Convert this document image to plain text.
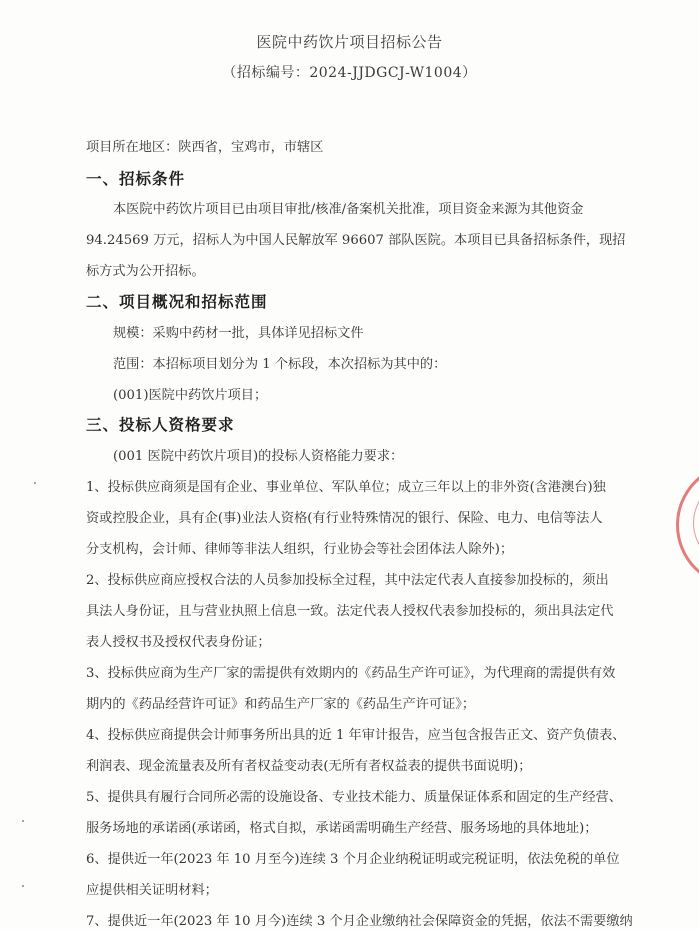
医院中药饮片项目招标公告
（招标编号：2024-JJDGCJ-W1004）
项目所在地区：陕西省，宝鸡市，市辖区
一、招标条件
本医院中药饮片项目已由项目审批/核准/备案机关批准，项目资金来源为其他资金
94.24569 万元，招标人为中国人民解放军 96607 部队医院。本项目已具备招标条件，现招
标方式为公开招标。
二、项目概况和招标范围
规模：采购中药材一批，具体详见招标文件
范围：本招标项目划分为 1 个标段，本次招标为其中的：
(001)医院中药饮片项目；
三、投标人资格要求
(001 医院中药饮片项目)的投标人资格能力要求：
1、投标供应商须是国有企业、事业单位、军队单位；成立三年以上的非外资(含港澳台)独
资或控股企业，具有企(事)业法人资格(有行业特殊情况的银行、保险、电力、电信等法人
分支机构，会计师、律师等非法人组织，行业协会等社会团体法人除外)；
2、投标供应商应授权合法的人员参加投标全过程，其中法定代表人直接参加投标的，须出
具法人身份证，且与营业执照上信息一致。法定代表人授权代表参加投标的，须出具法定代
表人授权书及授权代表身份证；
3、投标供应商为生产厂家的需提供有效期内的《药品生产许可证》，为代理商的需提供有效
期内的《药品经营许可证》和药品生产厂家的《药品生产许可证》；
4、投标供应商提供会计师事务所出具的近 1 年审计报告，应当包含报告正文、资产负债表、
利润表、现金流量表及所有者权益变动表(无所有者权益表的提供书面说明)；
5、提供具有履行合同所必需的设施设备、专业技术能力、质量保证体系和固定的生产经营、
服务场地的承诺函(承诺函，格式自拟，承诺函需明确生产经营、服务场地的具体地址)；
6、提供近一年(2023 年 10 月至今)连续 3 个月企业纳税证明或完税证明，依法免税的单位
应提供相关证明材料；
7、提供近一年(2023 年 10 月今)连续 3 个月企业缴纳社会保障资金的凭据，依法不需要缴纳
